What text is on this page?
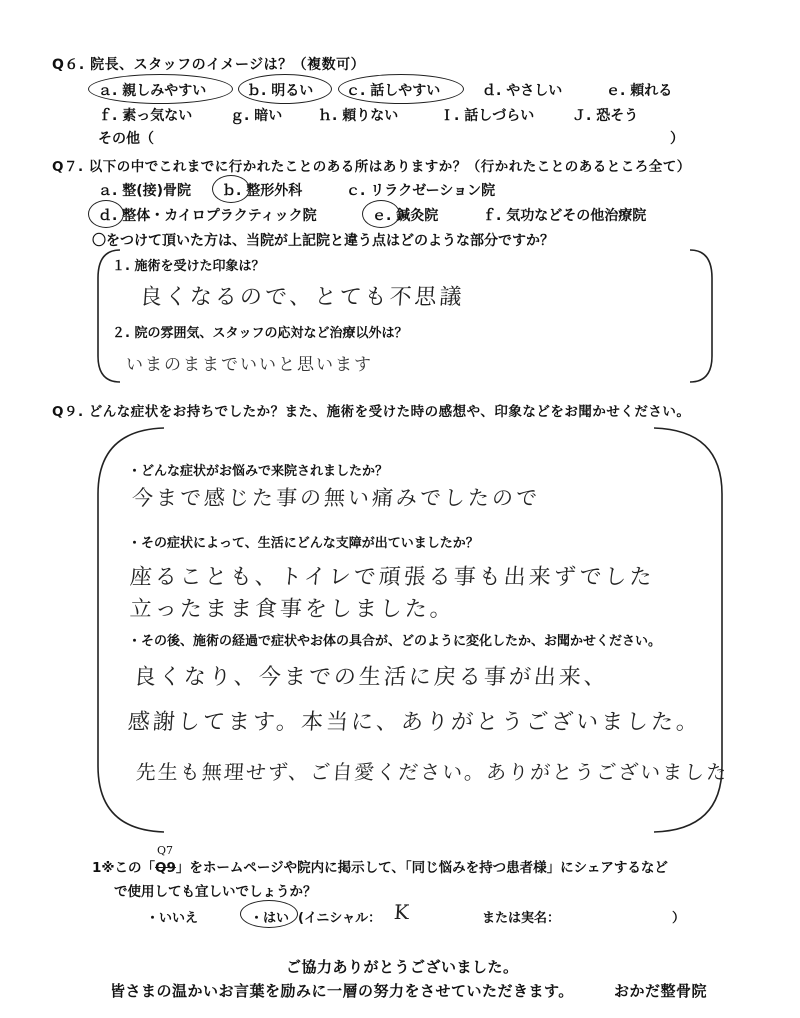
Q６. 院長、スタッフのイメージは？（複数可）
ａ. 親しみやすい	ｂ. 明るい ｃ. 話しやすい	ｄ. やさしい	ｅ. 頼れる
ｆ. 素っ気ない	ｇ. 暗い	ｈ. 頼りない	Ｉ. 話しづらい	Ｊ. 恐そう
その他（	）
Q７. 以下の中でこれまでに行かれたことのある所はありますか？（行かれたことのあるところ全て）
ａ. 整(接)骨院 ｂ. 整形外科	ｃ. リラクゼーション院
ｄ. 整体・カイロプラクティック院	ｅ. 鍼灸院	ｆ. 気功などその他治療院
〇をつけて頂いた方は、当院が上記院と違う点はどのような部分ですか？
１. 施術を受けた印象は？
良くなるので、とても不思議
２. 院の雰囲気、スタッフの応対など治療以外は？
いまのままでいいと思います
Q９. どんな症状をお持ちでしたか？また、施術を受けた時の感想や、印象などをお聞かせください。
・どんな症状がお悩みで来院されましたか？
今まで感じた事の無い痛みでしたので
・その症状によって、生活にどんな支障が出ていましたか？
座ることも、トイレで頑張る事も出来ずでした
立ったまま食事をしました。
・その後、施術の経過で症状やお体の具合が、どのように変化したか、お聞かせください。
良くなり、今までの生活に戻る事が出来、
感謝してます。本当に、ありがとうございました。
先生も無理せず、ご自愛ください。ありがとうございました
1※この「
Q7
Q9」をホームページや院内に掲示して、「同じ悩みを持つ患者様」にシェアするなど
で使用しても宜しいでしょうか？
・いいえ	・はい (イニシャル： K	または実名：	）
ご協力ありがとうございました。
皆さまの温かいお言葉を励みに一層の努力をさせていただきます。	おかだ整骨院
